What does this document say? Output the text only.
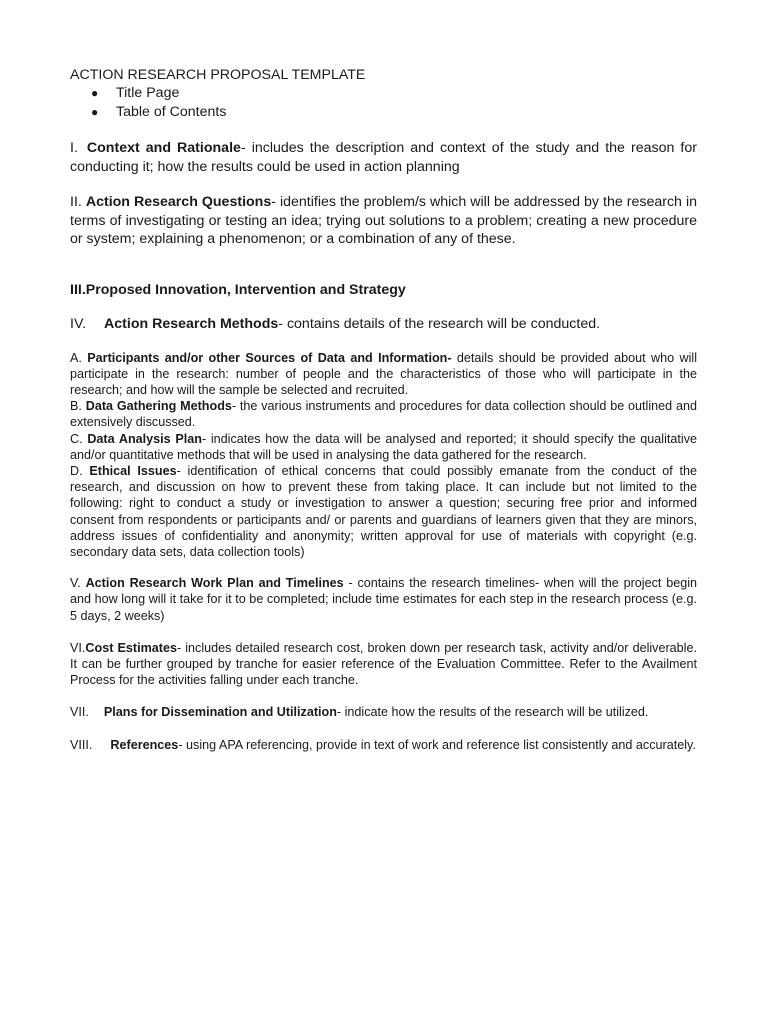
ACTION RESEARCH PROPOSAL TEMPLATE

● Title Page
● Table of Contents

I. Context and Rationale- includes the description and context of the study and the reason for conducting it; how the results could be used in action planning

II. Action Research Questions- identifies the problem/s which will be addressed by the research in terms of investigating or testing an idea; trying out solutions to a problem; creating a new procedure or system; explaining a phenomenon; or a combination of any of these.

III.Proposed Innovation, Intervention and Strategy

IV. Action Research Methods- contains details of the research will be conducted.

A. Participants and/or other Sources of Data and Information- details should be provided about who will participate in the research: number of people and the characteristics of those who will participate in the research; and how will the sample be selected and recruited.

B. Data Gathering Methods- the various instruments and procedures for data collection should be outlined and extensively discussed.

C. Data Analysis Plan- indicates how the data will be analysed and reported; it should specify the qualitative and/or quantitative methods that will be used in analysing the data gathered for the research.

D. Ethical Issues- identification of ethical concerns that could possibly emanate from the conduct of the research, and discussion on how to prevent these from taking place. It can include but not limited to the following: right to conduct a study or investigation to answer a question; securing free prior and informed consent from respondents or participants and/ or parents and guardians of learners given that they are minors, address issues of confidentiality and anonymity; written approval for use of materials with copyright (e.g. secondary data sets, data collection tools)

V. Action Research Work Plan and Timelines - contains the research timelines- when will the project begin and how long will it take for it to be completed; include time estimates for each step in the research process (e.g. 5 days, 2 weeks)

VI.Cost Estimates- includes detailed research cost, broken down per research task, activity and/or deliverable. It can be further grouped by tranche for easier reference of the Evaluation Committee. Refer to the Availment Process for the activities falling under each tranche.

VII. Plans for Dissemination and Utilization- indicate how the results of the research will be utilized.

VIII. References- using APA referencing, provide in text of work and reference list consistently and accurately.
